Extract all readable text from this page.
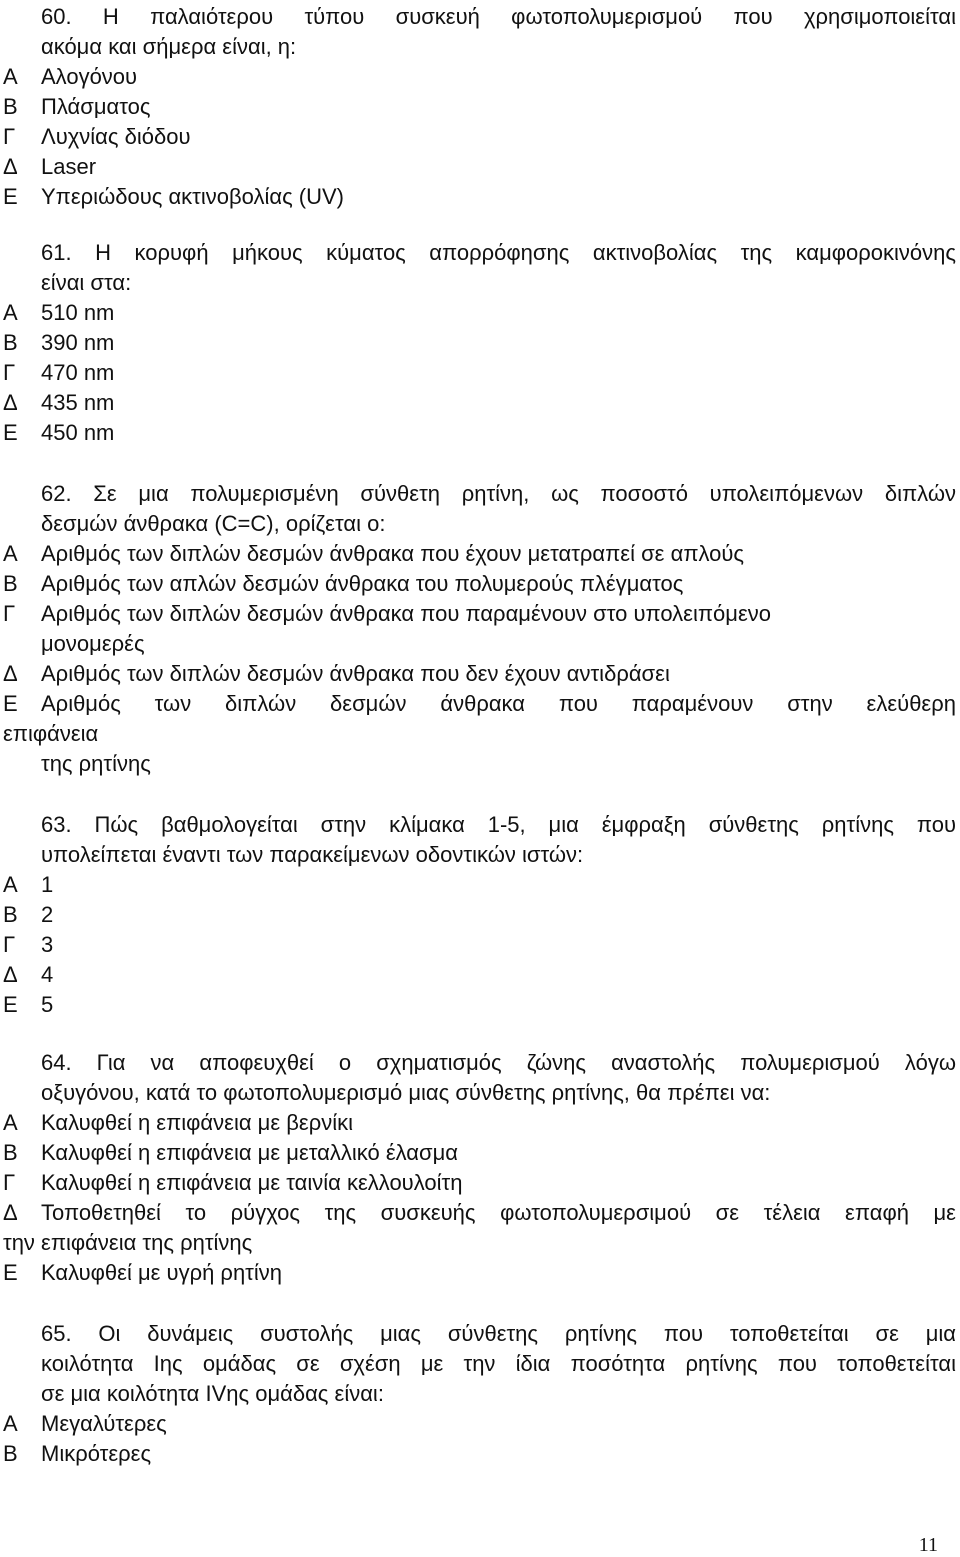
60. Η παλαιότερου τύπου συσκευή φωτοπολυμερισμού που χρησιμοποιείται
ακόμα και σήμερα είναι, η:
Α	Αλογόνου
Β	Πλάσματος
Γ	Λυχνίας διόδου
Δ	Laser
Ε	Υπεριώδους ακτινοβολίας (UV)
61. Η κορυφή μήκους κύματος απορρόφησης ακτινοβολίας της καμφοροκινόνης
είναι στα:
Α	510 nm
Β	390 nm
Γ	470 nm
Δ	435 nm
Ε	450 nm
62. Σε μια πολυμερισμένη σύνθετη ρητίνη, ως ποσοστό υπολειπόμενων διπλών
δεσμών άνθρακα (C=C), ορίζεται ο:
Α	Αριθμός των διπλών δεσμών άνθρακα που έχουν μετατραπεί σε απλούς
Β	Αριθμός των απλών δεσμών άνθρακα του πολυμερούς πλέγματος
Γ	Αριθμός των διπλών δεσμών άνθρακα που παραμένουν στο υπολειπόμενο
μονομερές
Δ	Αριθμός των διπλών δεσμών άνθρακα που δεν έχουν αντιδράσει
Ε	Αριθμός των διπλών δεσμών άνθρακα που παραμένουν στην ελεύθερη
επιφάνεια
της ρητίνης
63. Πώς βαθμολογείται στην κλίμακα 1-5, μια έμφραξη σύνθετης ρητίνης που
υπολείπεται έναντι των παρακείμενων οδοντικών ιστών:
Α	1
Β	2
Γ	3
Δ	4
Ε	5
64. Για να αποφευχθεί ο σχηματισμός ζώνης αναστολής πολυμερισμού λόγω
οξυγόνου, κατά το φωτοπολυμερισμό μιας σύνθετης ρητίνης, θα πρέπει να:
Α	Καλυφθεί η επιφάνεια με βερνίκι
Β	Καλυφθεί η επιφάνεια με μεταλλικό έλασμα
Γ	Καλυφθεί η επιφάνεια με ταινία κελλουλοίτη
Δ	Τοποθετηθεί το ρύγχος της συσκευής φωτοπολυμερσιμού σε τέλεια επαφή με
την επιφάνεια της ρητίνης
Ε	Καλυφθεί με υγρή ρητίνη
65. Οι δυνάμεις συστολής μιας σύνθετης ρητίνης που τοποθετείται σε μια
κοιλότητα Ιης ομάδας σε σχέση με την ίδια ποσότητα ρητίνης που τοποθετείται
σε μια κοιλότητα ΙVης ομάδας είναι:
Α	Μεγαλύτερες
Β	Μικρότερες
11
